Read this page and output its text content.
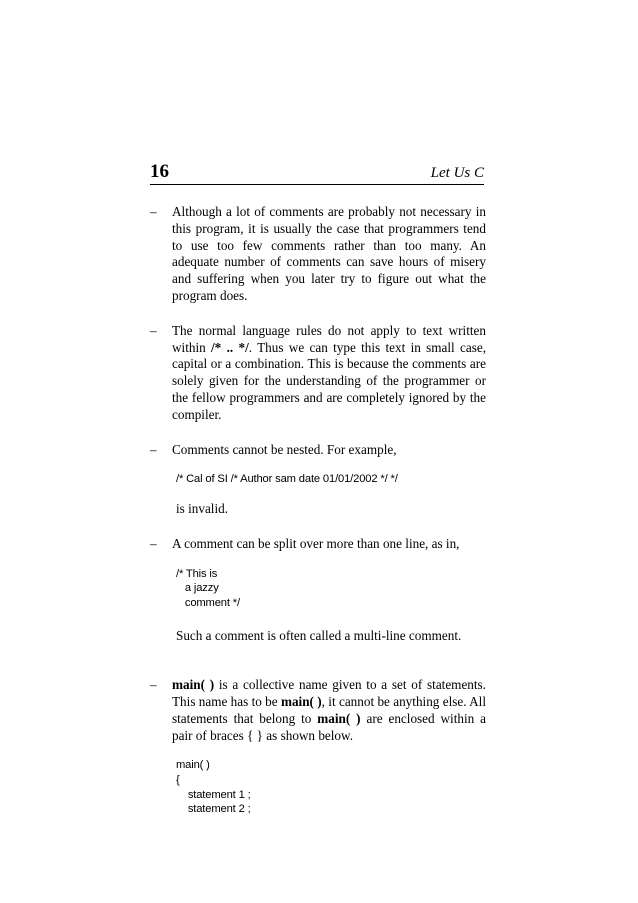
16	Let Us C
– Although a lot of comments are probably not necessary in this program, it is usually the case that programmers tend to use too few comments rather than too many. An adequate number of comments can save hours of misery and suffering when you later try to figure out what the program does.
– The normal language rules do not apply to text written within /* .. */. Thus we can type this text in small case, capital or a combination. This is because the comments are solely given for the understanding of the programmer or the fellow programmers and are completely ignored by the compiler.
– Comments cannot be nested. For example,
/* Cal of SI /* Author sam date 01/01/2002 */ */
is invalid.
– A comment can be split over more than one line, as in,
/* This is
a jazzy
comment */
Such a comment is often called a multi-line comment.
– main( ) is a collective name given to a set of statements. This name has to be main( ), it cannot be anything else. All statements that belong to main( ) are enclosed within a pair of braces { } as shown below.
main( )
{
statement 1 ;
statement 2 ;
